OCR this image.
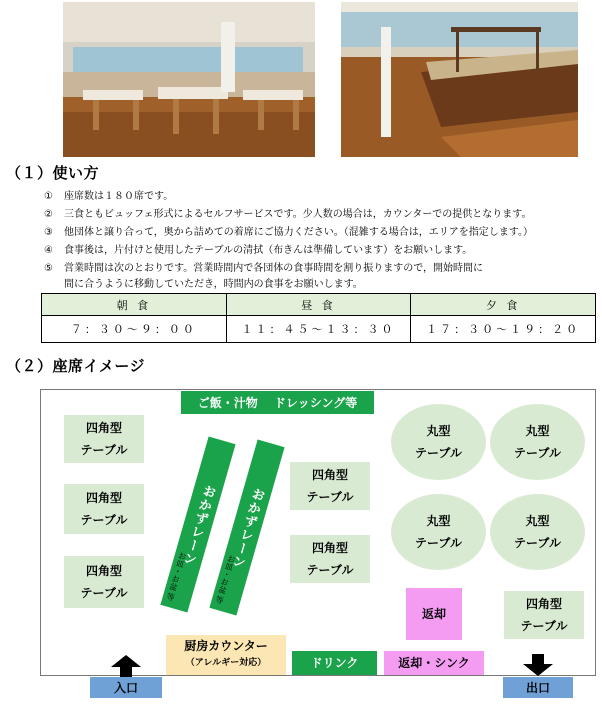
（１）使い方
① 座席数は１８０席です。
② 三食ともビュッフェ形式によるセルフサービスです。少人数の場合は，カウンターでの提供となります。
③ 他団体と譲り合って，奥から詰めての着席にご協力ください。（混雑する場合は，エリアを指定します。）
④ 食事後は，片付けと使用したテーブルの清拭（布きんは準備しています）をお願いします。
⑤ 営業時間は次のとおりです。営業時間内で各団体の食事時間を割り振りますので，開始時間に
間に合うように移動していただき，時間内の食事をお願いします。
朝 食	昼 食	夕 食
７：３０～９：００	１１：４５～１３：３０	１７：３０～１９：２０
（２）座席イメージ
ご飯・汁物　 ドレッシング等
四角型
テーブル
四角型
テーブル
四角型
テーブル
四角型
テーブル
四角型
テーブル
丸型
テーブル
丸型
テーブル
丸型
テーブル
丸型
テーブル
おかずレーン
お皿・お盆 等
おかずレーン
お皿・お盆 等
返却
四角型
テーブル
厨房カウンター
（アレルギー対応）	ドリンク	返却・シンク
入口	出口
